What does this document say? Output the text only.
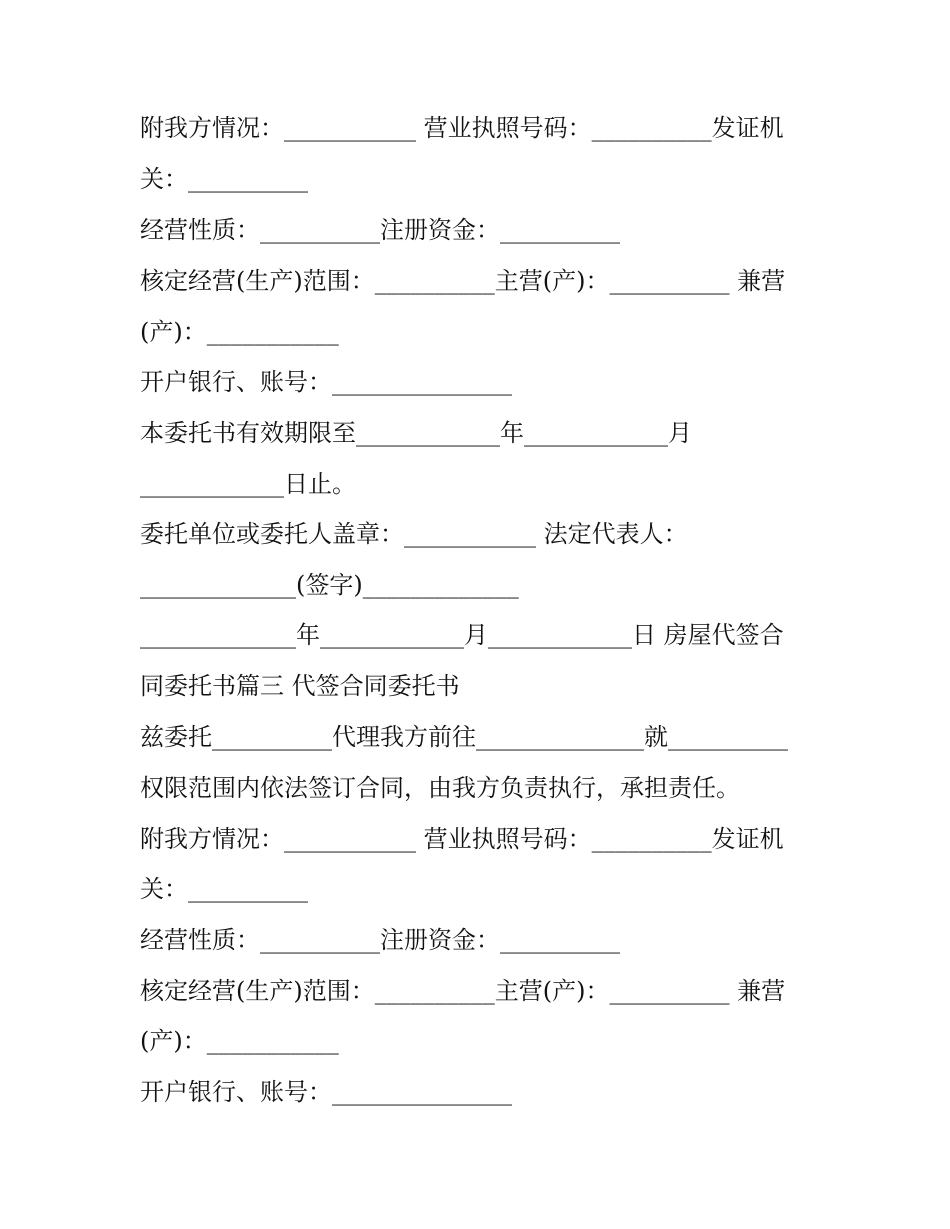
附我方情况：___________ 营业执照号码：__________发证机
关：__________
经营性质：__________注册资金：__________
核定经营(生产)范围：__________主营(产)：__________ 兼营
(产)：___________
开户银行、账号：_______________
本委托书有效期限至____________年____________月
____________日止。
委托单位或委托人盖章：___________ 法定代表人：
_____________(签字)_____________
_____________年____________月____________日 房屋代签合
同委托书篇三 代签合同委托书
兹委托__________代理我方前往______________就__________
权限范围内依法签订合同，由我方负责执行，承担责任。
附我方情况：___________ 营业执照号码：__________发证机
关：__________
经营性质：__________注册资金：__________
核定经营(生产)范围：__________主营(产)：__________ 兼营
(产)：___________
开户银行、账号：_______________
